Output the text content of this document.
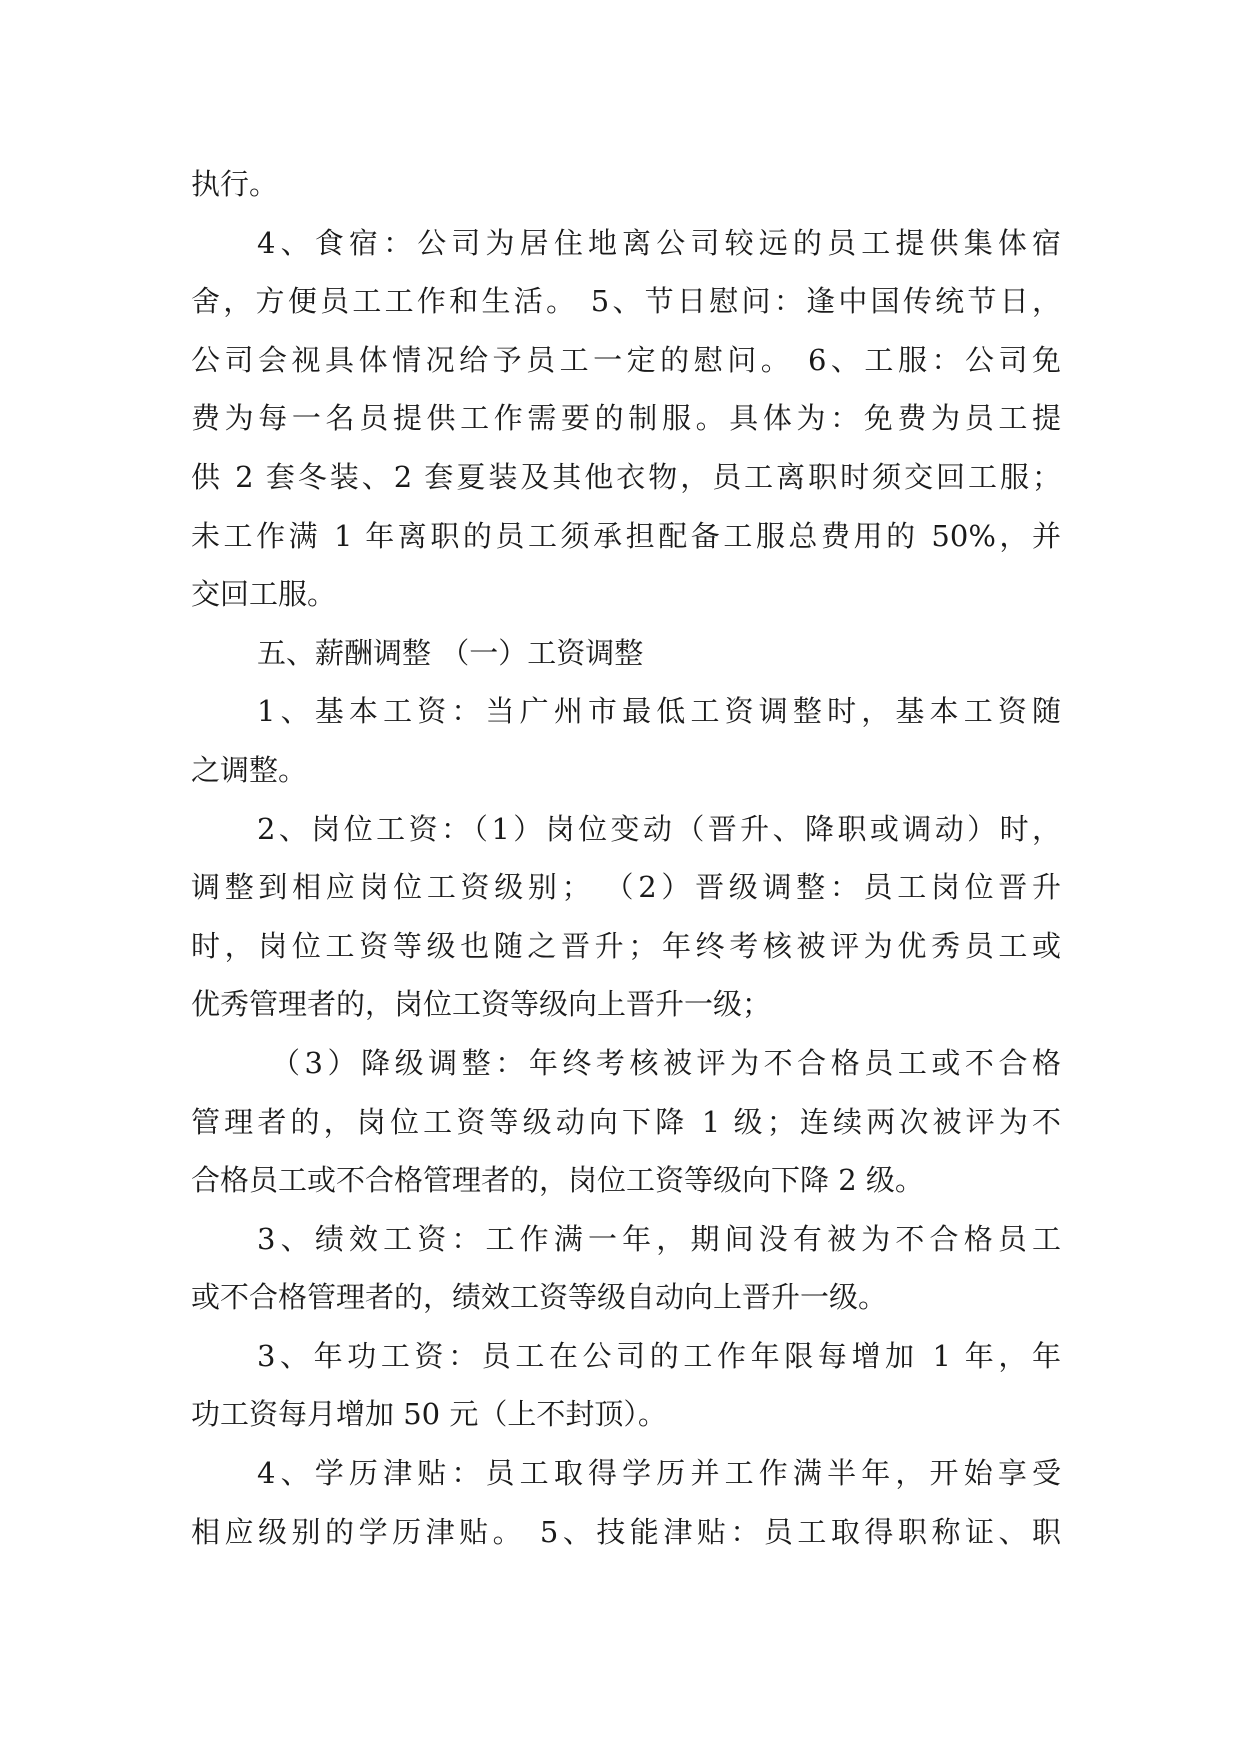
执行。
4、食宿：公司为居住地离公司较远的员工提供集体宿
舍，方便员工工作和生活。 5、节日慰问：逢中国传统节日，
公司会视具体情况给予员工一定的慰问。 6、工服：公司免
费为每一名员提供工作需要的制服。具体为：免费为员工提
供 2 套冬装、2 套夏装及其他衣物，员工离职时须交回工服；
未工作满 1 年离职的员工须承担配备工服总费用的 50%，并
交回工服。
五、薪酬调整 （一）工资调整
1、基本工资：当广州市最低工资调整时，基本工资随
之调整。
2、岗位工资：（1）岗位变动（晋升、降职或调动）时，
调整到相应岗位工资级别； （2）晋级调整：员工岗位晋升
时，岗位工资等级也随之晋升；年终考核被评为优秀员工或
优秀管理者的，岗位工资等级向上晋升一级；
（3）降级调整：年终考核被评为不合格员工或不合格
管理者的，岗位工资等级动向下降 1 级；连续两次被评为不
合格员工或不合格管理者的，岗位工资等级向下降 2 级。
3、绩效工资：工作满一年，期间没有被为不合格员工
或不合格管理者的，绩效工资等级自动向上晋升一级。
3、年功工资：员工在公司的工作年限每增加 1 年，年
功工资每月增加 50 元（上不封顶）。
4、学历津贴：员工取得学历并工作满半年，开始享受
相应级别的学历津贴。 5、技能津贴：员工取得职称证、职
